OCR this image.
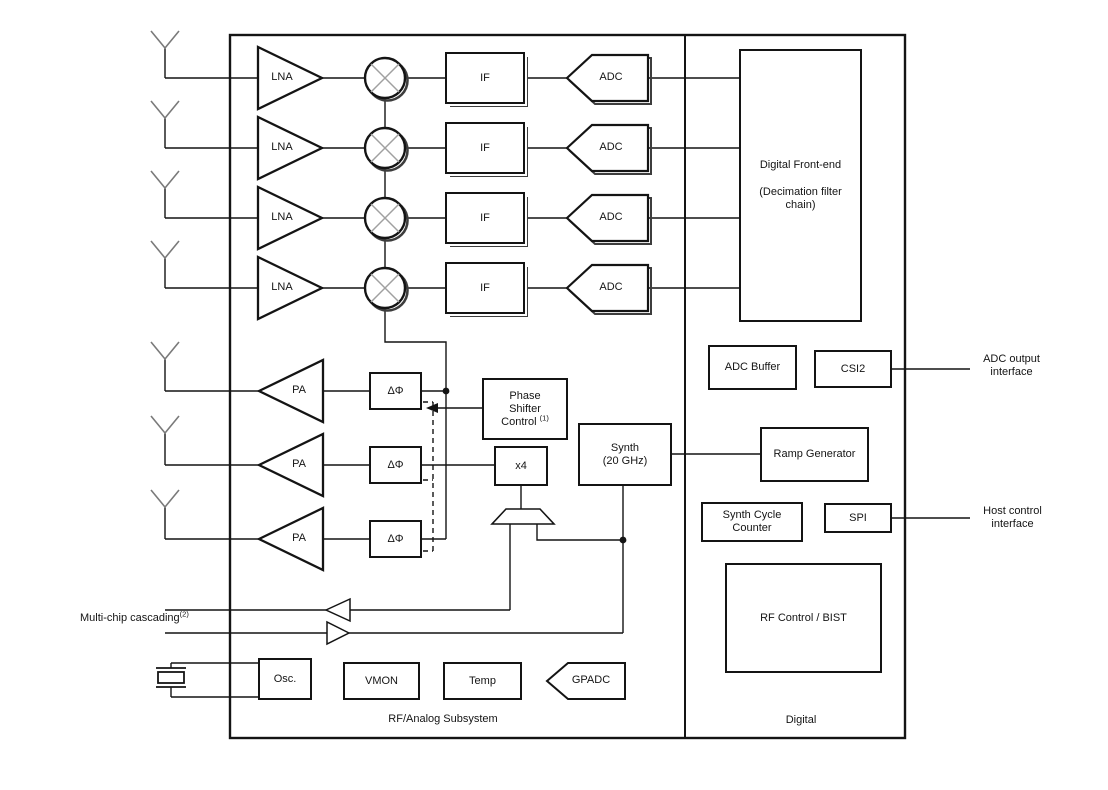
IF
IF
IF
IF
ΔΦ
ΔΦ
ΔΦ
Phase
Shifter
Control $^{(1)}$
x4
Synth
(20 GHz)
Osc.	VMON	Temp
Digital Front-end
(Decimation filter
chain)
ADC Buffer	CSI2
Ramp Generator
Synth Cycle
Counter
SPI
RF Control / BIST
LNA
LNA
LNA
LNA
ADC
ADC
ADC
ADC
PA
PA
PA
GPADC
Multi-chip cascading$^{(2)}$
RF/Analog Subsystem	Digital
ADC output
interface
Host control
interface
